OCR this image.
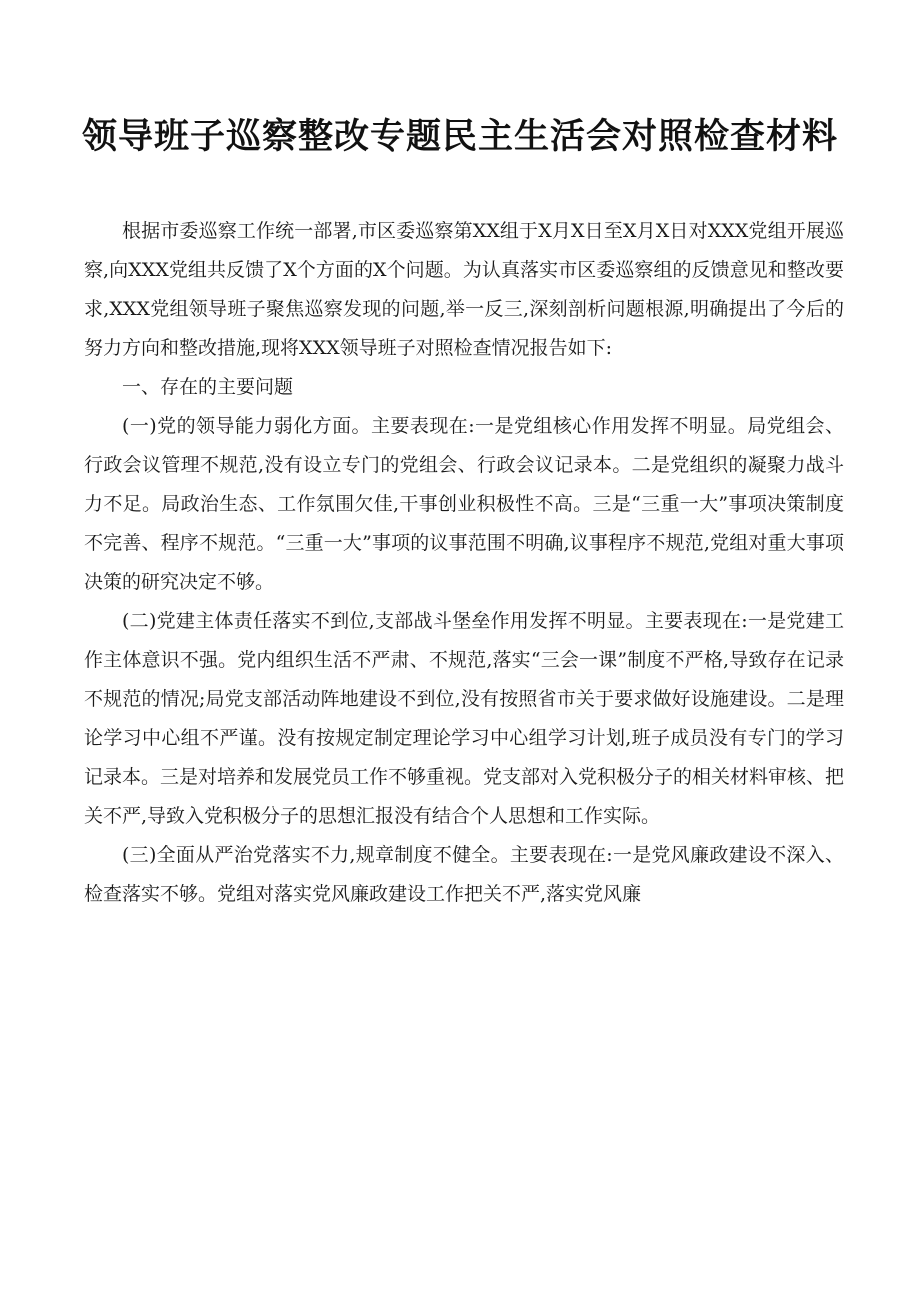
领导班子巡察整改专题民主生活会对照检查材料

根据市委巡察工作统一部署,市区委巡察第XX组于X月X日至X月X日对XXX党组开展巡察,向XXX党组共反馈了X个方面的X个问题。为认真落实市区委巡察组的反馈意见和整改要求,XXX党组领导班子聚焦巡察发现的问题,举一反三,深刻剖析问题根源,明确提出了今后的努力方向和整改措施,现将XXX领导班子对照检查情况报告如下:

一、存在的主要问题

(一)党的领导能力弱化方面。主要表现在:一是党组核心作用发挥不明显。局党组会、行政会议管理不规范,没有设立专门的党组会、行政会议记录本。二是党组织的凝聚力战斗力不足。局政治生态、工作氛围欠佳,干事创业积极性不高。三是“三重一大”事项决策制度不完善、程序不规范。“三重一大”事项的议事范围不明确,议事程序不规范,党组对重大事项决策的研究决定不够。

(二)党建主体责任落实不到位,支部战斗堡垒作用发挥不明显。主要表现在:一是党建工作主体意识不强。党内组织生活不严肃、不规范,落实“三会一课”制度不严格,导致存在记录不规范的情况;局党支部活动阵地建设不到位,没有按照省市关于要求做好设施建设。二是理论学习中心组不严谨。没有按规定制定理论学习中心组学习计划,班子成员没有专门的学习记录本。三是对培养和发展党员工作不够重视。党支部对入党积极分子的相关材料审核、把关不严,导致入党积极分子的思想汇报没有结合个人思想和工作实际。

(三)全面从严治党落实不力,规章制度不健全。主要表现在:一是党风廉政建设不深入、检查落实不够。党组对落实党风廉政建设工作把关不严,落实党风廉
